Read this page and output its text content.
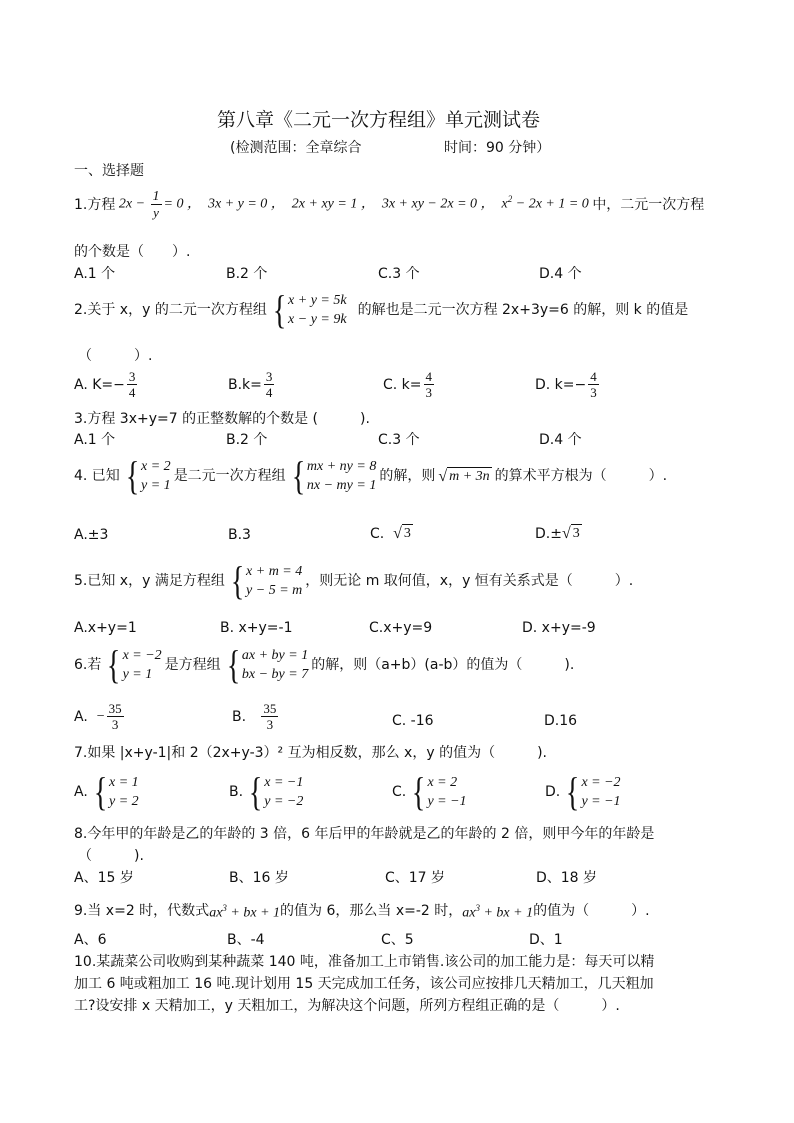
第八章《二元一次方程组》单元测试卷
(检测范围：全章综合	时间：90 分钟）
一、选择题
1.方程 $2x - \frac{1}{y} = 0$ ，  3x + y = 0 ，  2x + xy = 1 ，  3x + xy − 2x = 0 ，  $x^2 - 2x + 1 = 0$ 中，二元一次方程
的个数是（　　）.
A.1 个	B.2 个	C.3 个	D.4 个
2.关于 x，y 的二元一次方程组 { x + y = 5k
x − y = 9k
的解也是二元一次方程 2x+3y=6 的解，则 k 的值是
（　　　）.
A. $K=- \frac{3}{4}$	$B.k= \frac{3}{4}$	C. $k= \frac{4}{3}$	D. $k=- \frac{4}{3}$
3.方程 3x+y=7 的正整数解的个数是 (　　　).
A.1 个	B.2 个	C.3 个	D.4 个
4. 已知 { x = 2
y = 1
是二元一次方程组 { mx + ny = 8
nx − my = 1
的解，则 √ m + 3n 的算术平方根为（　　　）.
A.±3	B.3	C.
√ 3	D.± √ 3
5.已知 x，y 满足方程组 { x + m = 4
y − 5 = m
，则无论 m 取何值，x，y 恒有关系式是（　　　）.
A.x+y=1	B. x+y=-1	C.x+y=9	D. x+y=-9
6.若 { x = −2
y = 1
是方程组 { ax + by = 1
bx − by = 7
的解，则（a+b）(a-b）的值为（　　　).
A.
− $\frac{35}{3}$	B.
$\frac{35}{3}$	C. -16	D.16
7.如果 |x+y-1|和 2（2x+y-3）² 互为相反数，那么 x，y 的值为（　　　).
A. { x = 1
y = 2
B. { x = −1
y = −2
C. { x = 2
y = −1
D. { x = −2
y = −1
8.今年甲的年龄是乙的年龄的 3 倍，6 年后甲的年龄就是乙的年龄的 2 倍，则甲今年的年龄是
（　　　).
A、15 岁	B、16 岁	C、17 岁	D、18 岁
9.当 x=2 时，代数式 $ax^3$ + bx + 1 的值为 6，那么当 x=-2 时， $ax^3$ + bx + 1 的值为（　　　）.
A、6	B、-4	C、5	D、1
10.某蔬菜公司收购到某种蔬菜 140 吨，准备加工上市销售.该公司的加工能力是：每天可以精
加工 6 吨或粗加工 16 吨.现计划用 15 天完成加工任务，该公司应按排几天精加工，几天粗加
工?设安排 x 天精加工，y 天粗加工，为解决这个问题，所列方程组正确的是（　　　）.
